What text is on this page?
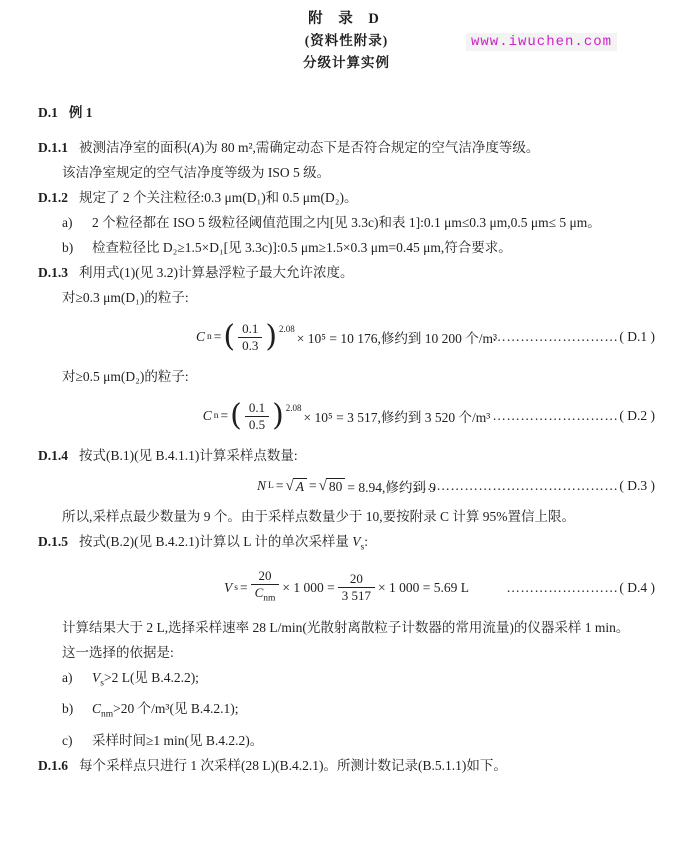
附 录 D
(资料性附录)
分级计算实例
www.iwuchen.com

D.1 例 1

D.1.1 被测洁净室的面积(A)为 80 m²,需确定动态下是否符合规定的空气洁净度等级。

该洁净室规定的空气洁净度等级为 ISO 5 级。

D.1.2 规定了 2 个关注粒径:0.3 μm(D₁)和 0.5 μm(D₂)。

a)	2 个粒径都在 ISO 5 级粒径阈值范围之内[见 3.3c)和表 1]:0.1 μm≤0.3 μm,0.5 μm≤ 5 μm。
b)	检查粒径比 D₂≥1.5×D₁[见 3.3c)]:0.5 μm≥1.5×0.3 μm=0.45 μm,符合要求。

D.1.3 利用式(1)(见 3.2)计算悬浮粒子最大允许浓度。

对≥0.3 μm(D₁)的粒子:

C n = ( $\frac{0.1}{0.3}$ ) 2.08
× 10⁵ = 10 176,修约到 10 200 个/m³
……………………… ( D.1 )

对≥0.5 μm(D₂)的粒子:

C n = ( $\frac{0.1}{0.5}$ ) 2.08
× 10⁵ = 3 517,修约到 3 520 个/m³ ……………………… ( D.2 )

D.1.4 按式(B.1)(见 B.4.1.1)计算采样点数量:

N L = √ A = √ 80 = 8.94,修约到 9
……………………………………… ( D.3 )

所以,采样点最少数量为 9 个。由于采样点数量少于 10,要按附录 C 计算 95%置信上限。

D.1.5 按式(B.2)(见 B.4.2.1)计算以 L 计的单次采样量 $V_s$:

V $s = \frac{20}{C_{nm}} \times 1$ $000 = \frac{20}{3 517} \times 1$ 000 = 5.69 L	…………………… ( D.4 )

计算结果大于 2 L,选择采样速率 28 L/min(光散射离散粒子计数器的常用流量)的仪器采样 1 min。

这一选择的依据是:

a)	$V_s>2$ L(见 B.4.2.2);
b)	$C_{nm}>20$ 个/m³(见 B.4.2.1);
c)	采样时间≥1 min(见 B.4.2.2)。

D.1.6 每个采样点只进行 1 次采样(28 L)(B.4.2.1)。所测计数记录(B.5.1.1)如下。
